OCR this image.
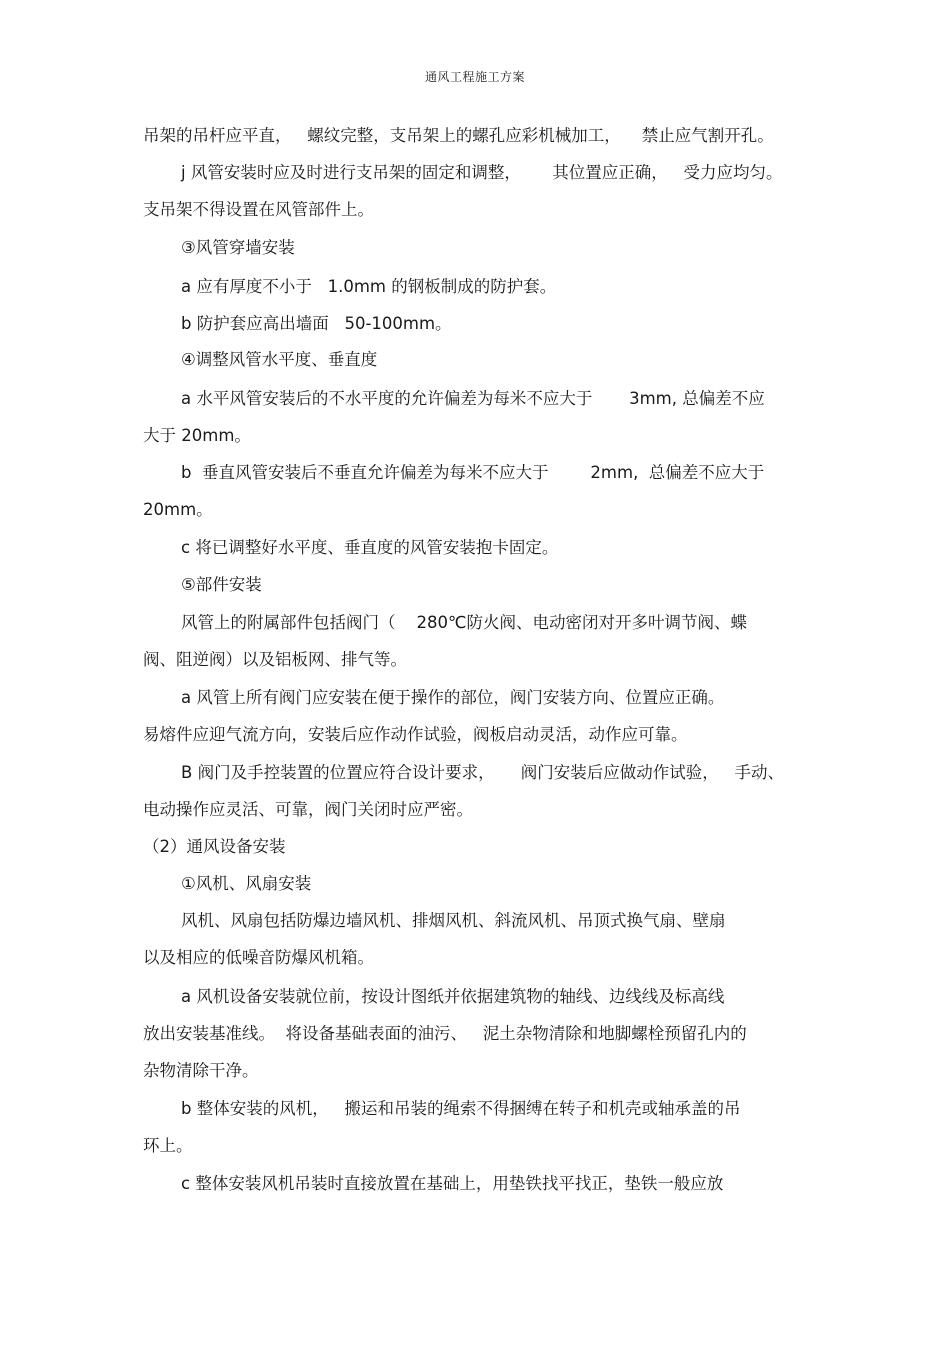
通风工程施工方案
吊架的吊杆应平直，   螺纹完整，支吊架上的螺孔应彩机械加工，    禁止应气割开孔。
j 风管安装时应及时进行支吊架的固定和调整，      其位置应正确，   受力应均匀。
支吊架不得设置在风管部件上。
③风管穿墙安装
a 应有厚度不小于   1.0mm 的钢板制成的防护套。
b 防护套应高出墙面   50-100mm。
④调整风管水平度、垂直度
a 水平风管安装后的不水平度的允许偏差为每米不应大于       3mm, 总偏差不应
大于 20mm。
b  垂直风管安装后不垂直允许偏差为每米不应大于        2mm,  总偏差不应大于
20mm。
c 将已调整好水平度、垂直度的风管安装抱卡固定。
⑤部件安装
风管上的附属部件包括阀门（    280℃防火阀、电动密闭对开多叶调节阀、蝶
阀、阻逆阀）以及铝板网、排气等。
a 风管上所有阀门应安装在便于操作的部位，阀门安装方向、位置应正确。
易熔件应迎气流方向，安装后应作动作试验，阀板启动灵活，动作应可靠。
B 阀门及手控装置的位置应符合设计要求，     阀门安装后应做动作试验，   手动、
电动操作应灵活、可靠，阀门关闭时应严密。
（2）通风设备安装
①风机、风扇安装
风机、风扇包括防爆边墙风机、排烟风机、斜流风机、吊顶式换气扇、壁扇
以及相应的低噪音防爆风机箱。
a 风机设备安装就位前，按设计图纸并依据建筑物的轴线、边线线及标高线
放出安装基准线。  将设备基础表面的油污、   泥土杂物清除和地脚螺栓预留孔内的
杂物清除干净。
b 整体安装的风机，   搬运和吊装的绳索不得捆缚在转子和机壳或轴承盖的吊
环上。
c 整体安装风机吊装时直接放置在基础上，用垫铁找平找正，垫铁一般应放
